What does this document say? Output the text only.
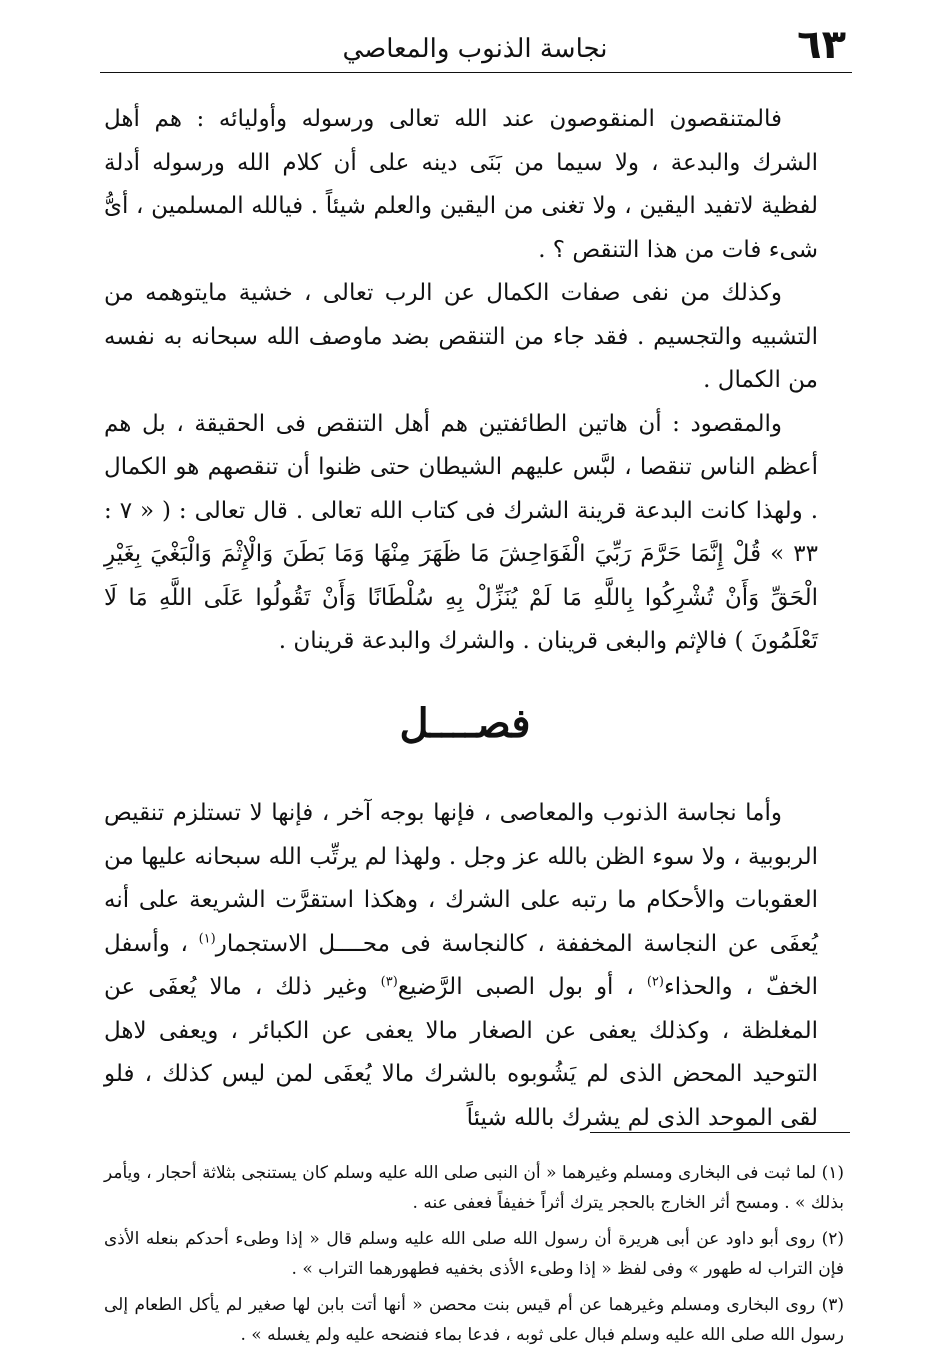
٦٣
نجاسة الذنوب والمعاصي

فالمتنقصون المنقوصون عند الله تعالى ورسوله وأوليائه : هم أهل الشرك والبدعة ، ولا سيما من بَنَى دينه على أن كلام الله ورسوله أدلة لفظية لاتفيد اليقين ، ولا تغنى من اليقين والعلم شيئاً . فيالله المسلمين ، أىُّ شىء فات من هذا التنقص ؟ .

وكذلك من نفى صفات الكمال عن الرب تعالى ، خشية مايتوهمه من التشبيه والتجسيم . فقد جاء من التنقص بضد ماوصف الله سبحانه به نفسه من الكمال .

والمقصود : أن هاتين الطائفتين هم أهل التنقص فى الحقيقة ، بل هم أعظم الناس تنقصا ، لبَّس عليهم الشيطان حتى ظنوا أن تنقصهم هو الكمال . ولهذا كانت البدعة قرينة الشرك فى كتاب الله تعالى . قال تعالى : ( « ٧ : ٣٣ » قُلْ إِنَّمَا حَرَّمَ رَبِّيَ الْفَوَاحِشَ مَا ظَهَرَ مِنْهَا وَمَا بَطَنَ وَالْإِثْمَ وَالْبَغْيَ بِغَيْرِ الْحَقِّ وَأَنْ تُشْرِكُوا بِاللَّهِ مَا لَمْ يُنَزِّلْ بِهِ سُلْطَانًا وَأَنْ تَقُولُوا عَلَى اللَّهِ مَا لَا تَعْلَمُونَ ) فالإثم والبغى قرينان . والشرك والبدعة قرينان .

فصــــل

وأما نجاسة الذنوب والمعاصى ، فإنها بوجه آخر ، فإنها لا تستلزم تنقيص الربوبية ، ولا سوء الظن بالله عز وجل . ولهذا لم يرتِّب الله سبحانه عليها من العقوبات والأحكام ما رتبه على الشرك ، وهكذا استقرَّت الشريعة على أنه يُعفَى عن النجاسة المخففة ، كالنجاسة فى محــــل الاستجمار$^{(١)}$ ، وأسفل الخفّ ، والحذاء$^{(٢)}$ ، أو بول الصبى الرَّضيع$^{(٣)}$ وغير ذلك ، مالا يُعفَى عن المغلظة ، وكذلك يعفى عن الصغار مالا يعفى عن الكبائر ، ويعفى لاهل التوحيد المحض الذى لم يَشُوبوه بالشرك مالا يُعفَى لمن ليس كذلك ، فلو لقى الموحد الذى لم يشرك بالله شيئاً

(١) لما ثبت فى البخارى ومسلم وغيرهما « أن النبى صلى الله عليه وسلم كان يستنجى بثلاثة أحجار ، ويأمر بذلك » . ومسح أثر الخارج بالحجر يترك أثراً خفيفاً فعفى عنه .

(٢) روى أبو داود عن أبى هريرة أن رسول الله صلى الله عليه وسلم قال « إذا وطىء أحدكم بنعله الأذى فإن التراب له طهور » وفى لفظ « إذا وطىء الأذى بخفيه فطهورهما التراب » .

(٣) روى البخارى ومسلم وغيرهما عن أم قيس بنت محصن « أنها أتت بابن لها صغير لم يأكل الطعام إلى رسول الله صلى الله عليه وسلم فبال على ثوبه ، فدعا بماء فنضحه عليه ولم يغسله » .
